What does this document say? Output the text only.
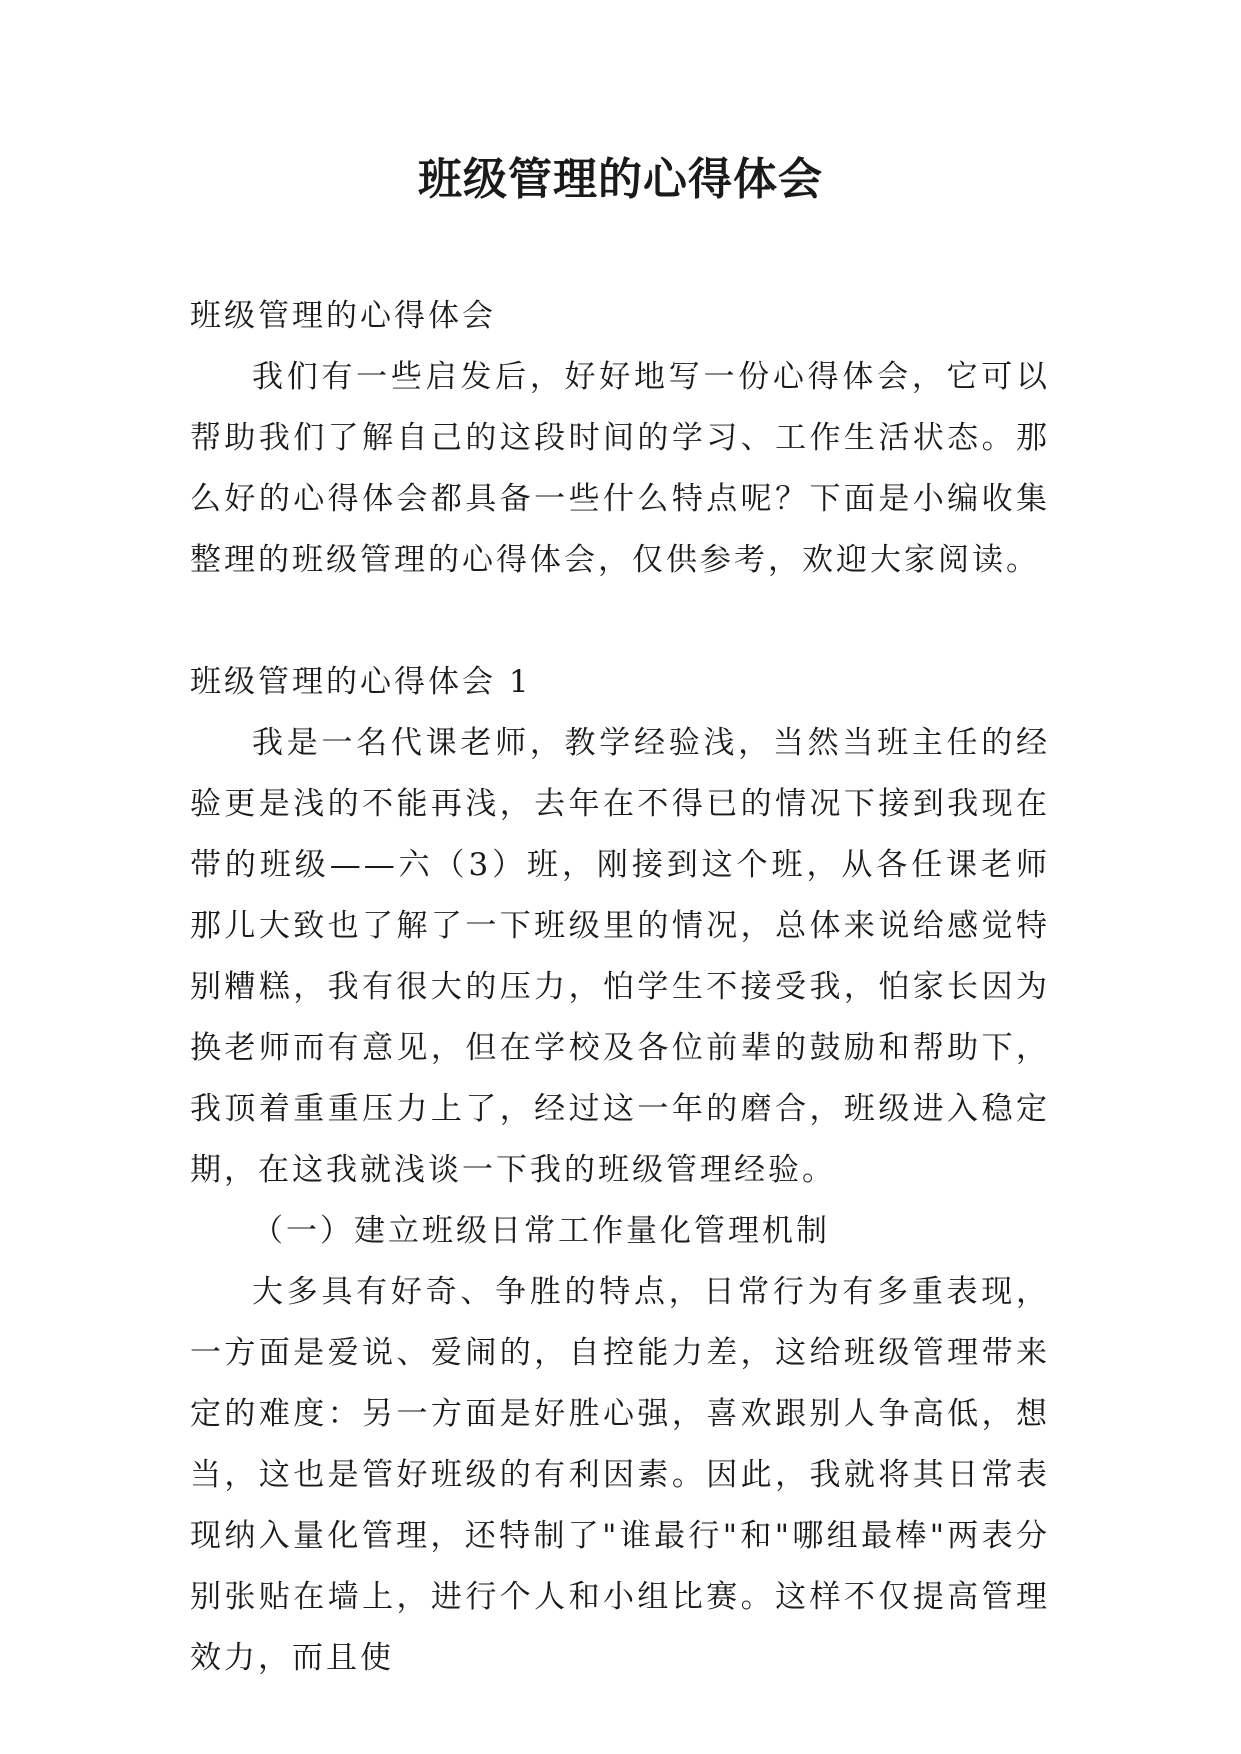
班级管理的心得体会
班级管理的心得体会

我们有一些启发后，好好地写一份心得体会，它可以帮助我们了解自己的这段时间的学习、工作生活状态。那么好的心得体会都具备一些什么特点呢？下面是小编收集整理的班级管理的心得体会，仅供参考，欢迎大家阅读。

班级管理的心得体会 1

我是一名代课老师，教学经验浅，当然当班主任的经验更是浅的不能再浅，去年在不得已的情况下接到我现在带的班级——六（3）班，刚接到这个班，从各任课老师那儿大致也了解了一下班级里的情况，总体来说给感觉特别糟糕，我有很大的压力，怕学生不接受我，怕家长因为换老师而有意见，但在学校及各位前辈的鼓励和帮助下，我顶着重重压力上了，经过这一年的磨合，班级进入稳定期，在这我就浅谈一下我的班级管理经验。

（一）建立班级日常工作量化管理机制

大多具有好奇、争胜的特点，日常行为有多重表现，一方面是爱说、爱闹的，自控能力差，这给班级管理带来定的难度：另一方面是好胜心强，喜欢跟别人争高低，想当，这也是管好班级的有利因素。因此，我就将其日常表现纳入量化管理，还特制了"谁最行"和"哪组最棒"两表分别张贴在墙上，进行个人和小组比赛。这样不仅提高管理效力，而且使
